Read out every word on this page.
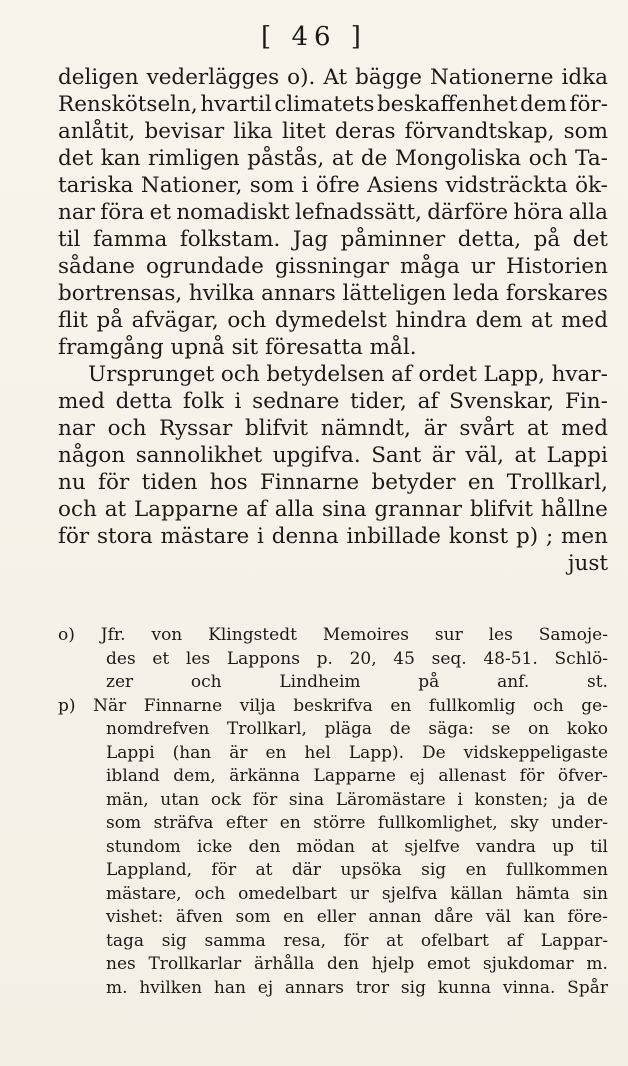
[ 46 ]
deligen vederlägges o). At bägge Nationerne idka
Renskötseln, hvartil climatets beskaffenhet dem för-
anlåtit, bevisar lika litet deras förvandtskap, som
det kan rimligen påstås, at de Mongoliska och Ta-
tariska Nationer, som i öfre Asiens vidsträckta ök-
nar föra et nomadiskt lefnadssätt, därföre höra alla
til famma folkstam. Jag påminner detta, på det
sådane ogrundade gissningar måga ur Historien
bortrensas, hvilka annars lätteligen leda forskares
flit på afvägar, och dymedelst hindra dem at med
framgång upnå sit föresatta mål.
Ursprunget och betydelsen af ordet Lapp, hvar-
med detta folk i sednare tider, af Svenskar, Fin-
nar och Ryssar blifvit nämndt, är svårt at med
någon sannolikhet upgifva. Sant är väl, at Lappi
nu för tiden hos Finnarne betyder en Trollkarl,
och at Lapparne af alla sina grannar blifvit hållne
för stora mästare i denna inbillade konst p) ; men
just
o) Jfr. von Klingstedt Memoires sur les Samoje-
des et les Lappons p. 20, 45 seq. 48-51. Schlö-
zer	och	Lindheim	på	anf.	st.
p) När Finnarne vilja beskrifva en fullkomlig och ge-
nomdrefven Trollkarl, pläga de säga: se on koko
Lappi (han är en hel Lapp). De vidskeppeligaste
ibland dem, ärkänna Lapparne ej allenast för öfver-
män, utan ock för sina Läromästare i konsten; ja de
som sträfva efter en större fullkomlighet, sky under-
stundom icke den mödan at sjelfve vandra up til
Lappland, för at där upsöka sig en fullkommen
mästare, och omedelbart ur sjelfva källan hämta sin
vishet: äfven som en eller annan dåre väl kan före-
taga sig samma resa, för at ofelbart af Lappar-
nes Trollkarlar ärhålla den hjelp emot sjukdomar m.
m. hvilken han ej annars tror sig kunna vinna. Spår
